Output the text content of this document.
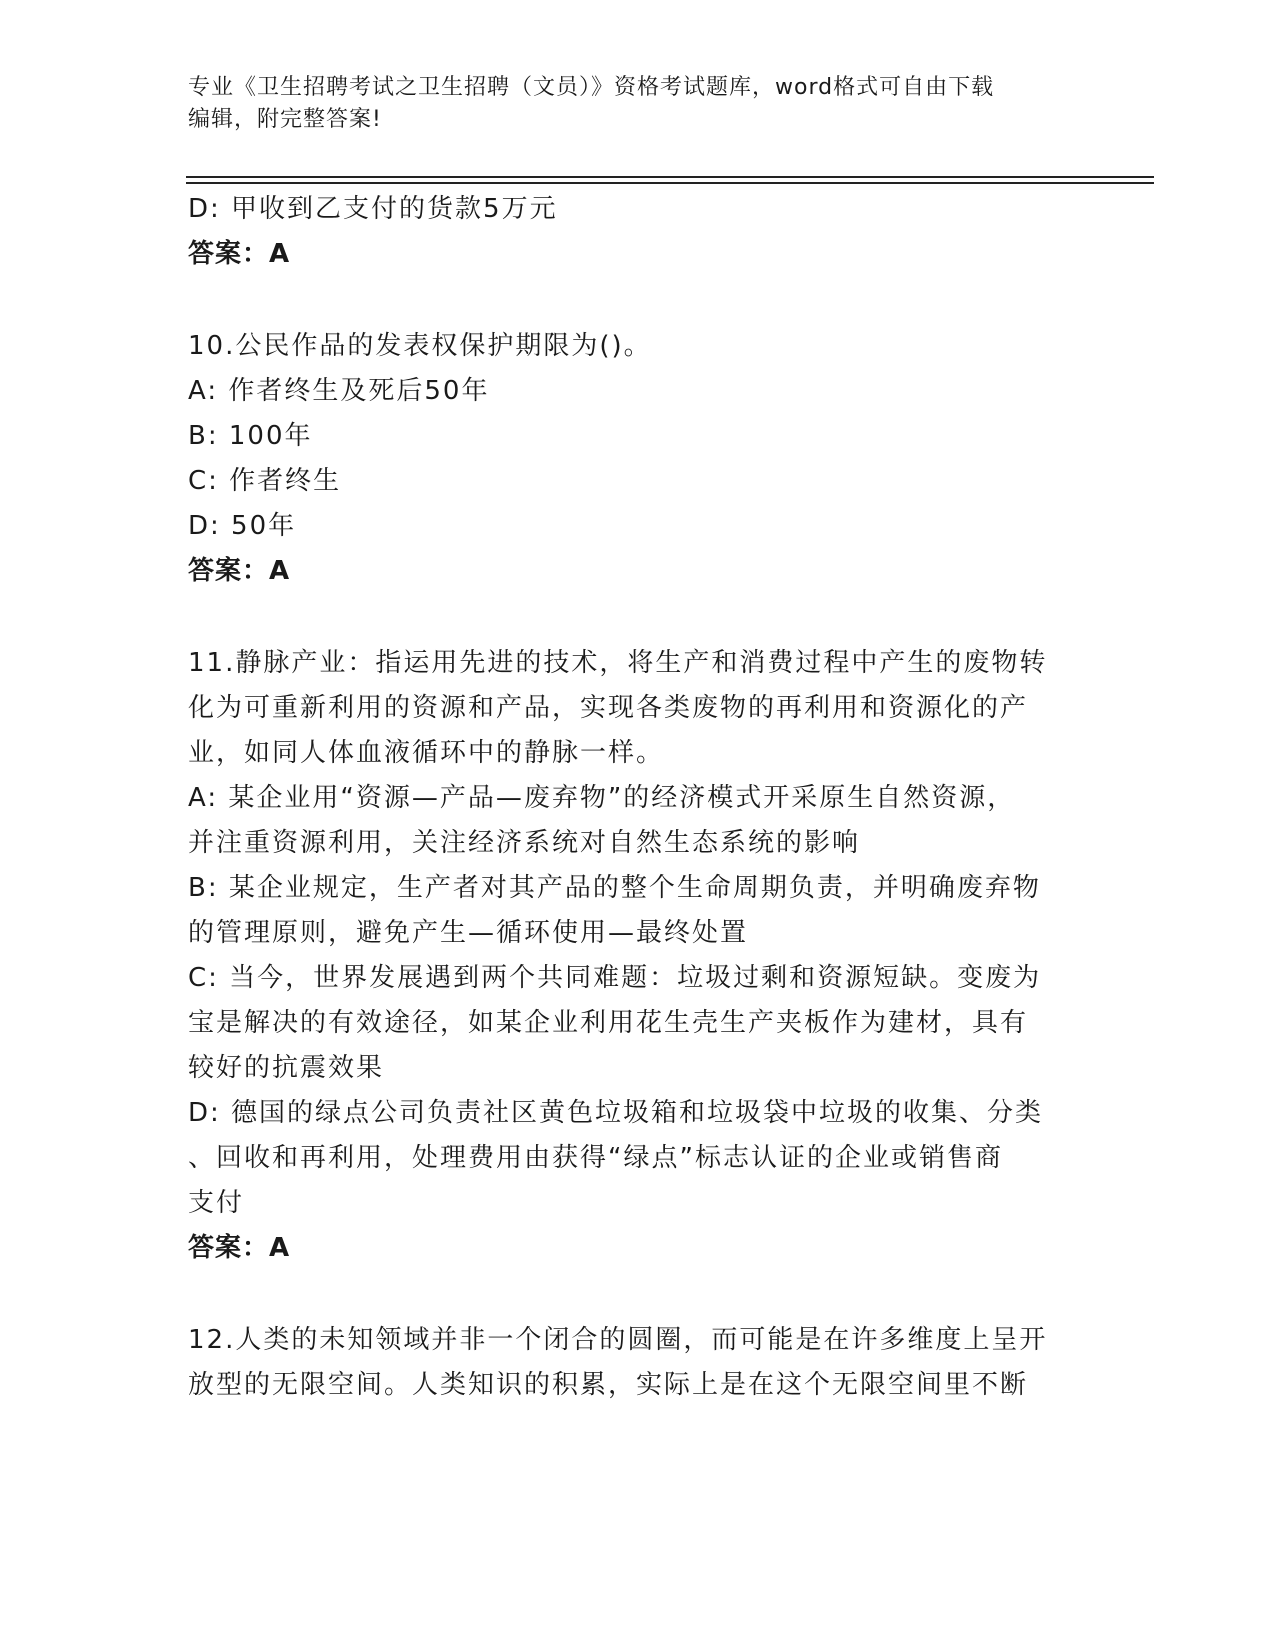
专业《卫生招聘考试之卫生招聘（文员）》资格考试题库，word格式可自由下载
编辑，附完整答案!
D: 甲收到乙支付的货款5万元
答案：A
10.公民作品的发表权保护期限为()。
A: 作者终生及死后50年
B: 100年
C: 作者终生
D: 50年
答案：A
11.静脉产业：指运用先进的技术，将生产和消费过程中产生的废物转
化为可重新利用的资源和产品，实现各类废物的再利用和资源化的产
业，如同人体血液循环中的静脉一样。
A: 某企业用“资源—产品—废弃物”的经济模式开采原生自然资源，
并注重资源利用，关注经济系统对自然生态系统的影响
B: 某企业规定，生产者对其产品的整个生命周期负责，并明确废弃物
的管理原则，避免产生—循环使用—最终处置
C: 当今，世界发展遇到两个共同难题：垃圾过剩和资源短缺。变废为
宝是解决的有效途径，如某企业利用花生壳生产夹板作为建材，具有
较好的抗震效果
D: 德国的绿点公司负责社区黄色垃圾箱和垃圾袋中垃圾的收集、分类
、回收和再利用，处理费用由获得“绿点”标志认证的企业或销售商
支付
答案：A
12.人类的未知领域并非一个闭合的圆圈，而可能是在许多维度上呈开
放型的无限空间。人类知识的积累，实际上是在这个无限空间里不断
